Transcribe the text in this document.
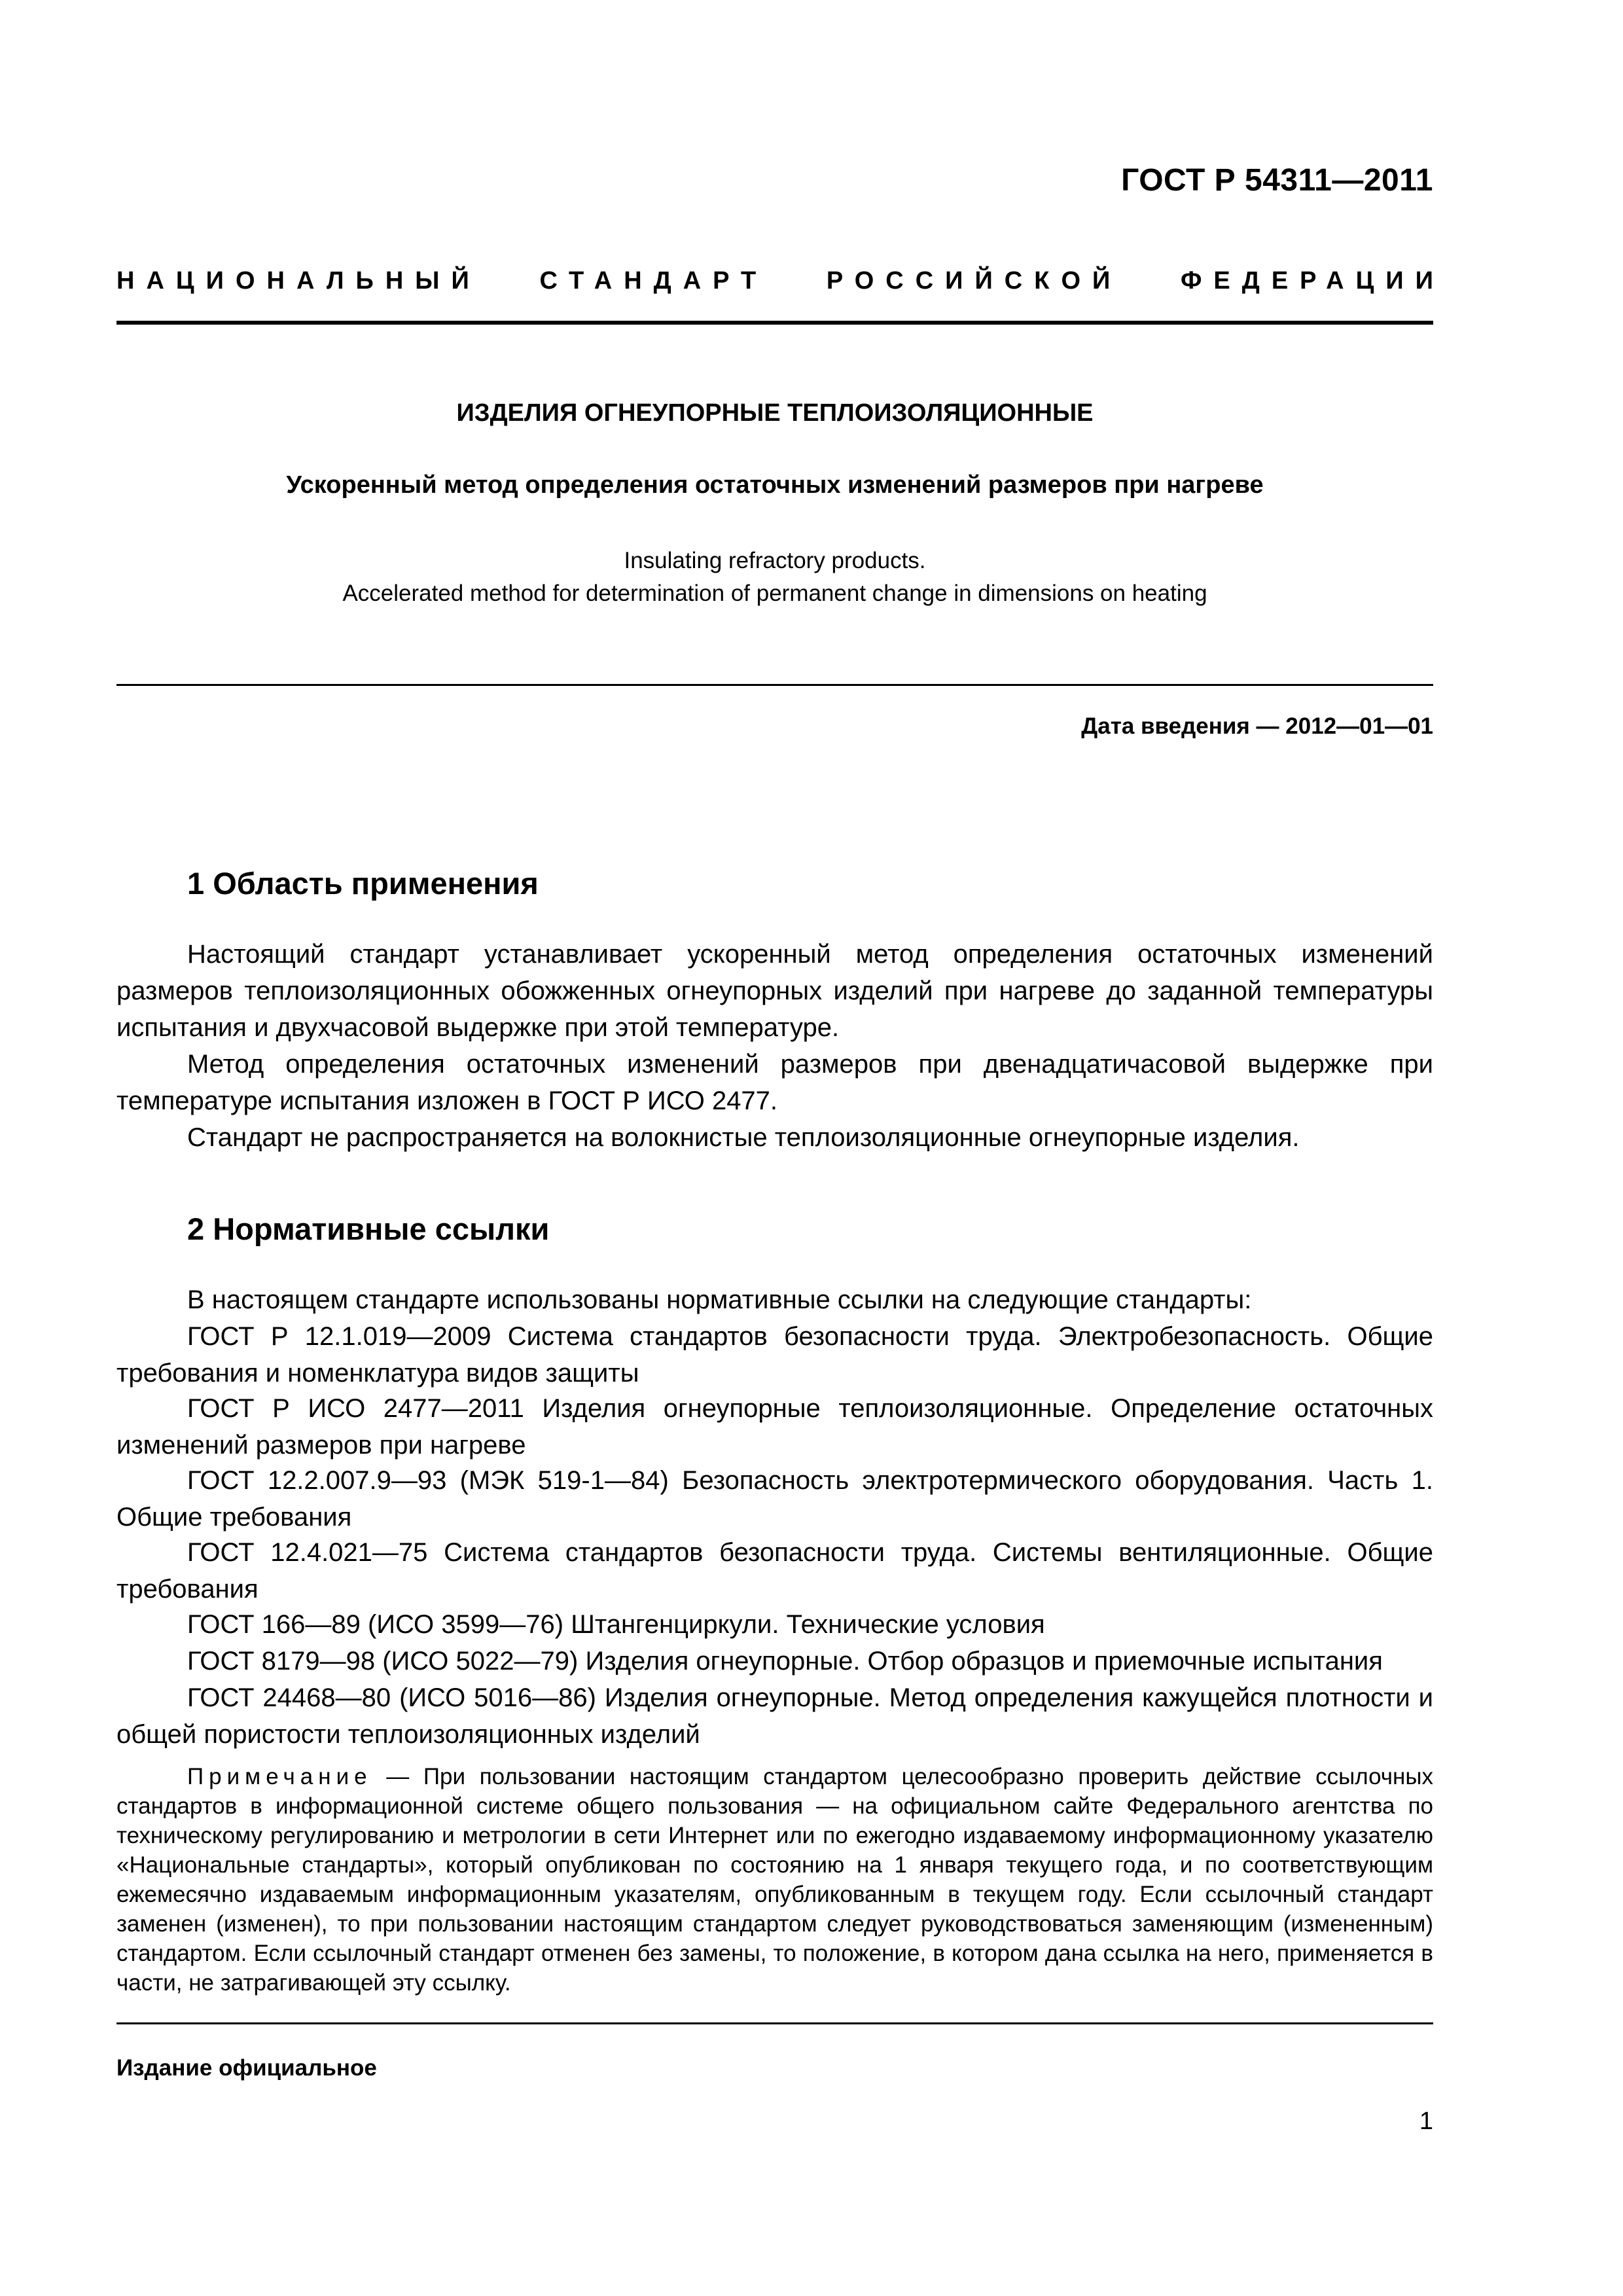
ГОСТ Р 54311—2011
НАЦИОНАЛЬНЫЙ СТАНДАРТ РОССИЙСКОЙ ФЕДЕРАЦИИ
ИЗДЕЛИЯ ОГНЕУПОРНЫЕ ТЕПЛОИЗОЛЯЦИОННЫЕ
Ускоренный метод определения остаточных изменений размеров при нагреве
Insulating refractory products.
Accelerated method for determination of permanent change in dimensions on heating
Дата введения — 2012—01—01
1 Область применения

Настоящий стандарт устанавливает ускоренный метод определения остаточных изменений размеров теплоизоляционных обожженных огнеупорных изделий при нагреве до заданной температуры испытания и двухчасовой выдержке при этой температуре.

Метод определения остаточных изменений размеров при двенадцатичасовой выдержке при температуре испытания изложен в ГОСТ Р ИСО 2477.

Стандарт не распространяется на волокнистые теплоизоляционные огнеупорные изделия.

2 Нормативные ссылки

В настоящем стандарте использованы нормативные ссылки на следующие стандарты:

ГОСТ Р 12.1.019—2009 Система стандартов безопасности труда. Электробезопасность. Общие требования и номенклатура видов защиты

ГОСТ Р ИСО 2477—2011 Изделия огнеупорные теплоизоляционные. Определение остаточных изменений размеров при нагреве

ГОСТ 12.2.007.9—93 (МЭК 519-1—84) Безопасность электротермического оборудования. Часть 1. Общие требования

ГОСТ 12.4.021—75 Система стандартов безопасности труда. Системы вентиляционные. Общие требования

ГОСТ 166—89 (ИСО 3599—76) Штангенциркули. Технические условия

ГОСТ 8179—98 (ИСО 5022—79) Изделия огнеупорные. Отбор образцов и приемочные испытания

ГОСТ 24468—80 (ИСО 5016—86) Изделия огнеупорные. Метод определения кажущейся плотности и общей пористости теплоизоляционных изделий

Примечание — При пользовании настоящим стандартом целесообразно проверить действие ссылочных стандартов в информационной системе общего пользования — на официальном сайте Федерального агентства по техническому регулированию и метрологии в сети Интернет или по ежегодно издаваемому информационному указателю «Национальные стандарты», который опубликован по состоянию на 1 января текущего года, и по соответствующим ежемесячно издаваемым информационным указателям, опубликованным в текущем году. Если ссылочный стандарт заменен (изменен), то при пользовании настоящим стандартом следует руководствоваться заменяющим (измененным) стандартом. Если ссылочный стандарт отменен без замены, то положение, в котором дана ссылка на него, применяется в части, не затрагивающей эту ссылку.

Издание официальное
1
